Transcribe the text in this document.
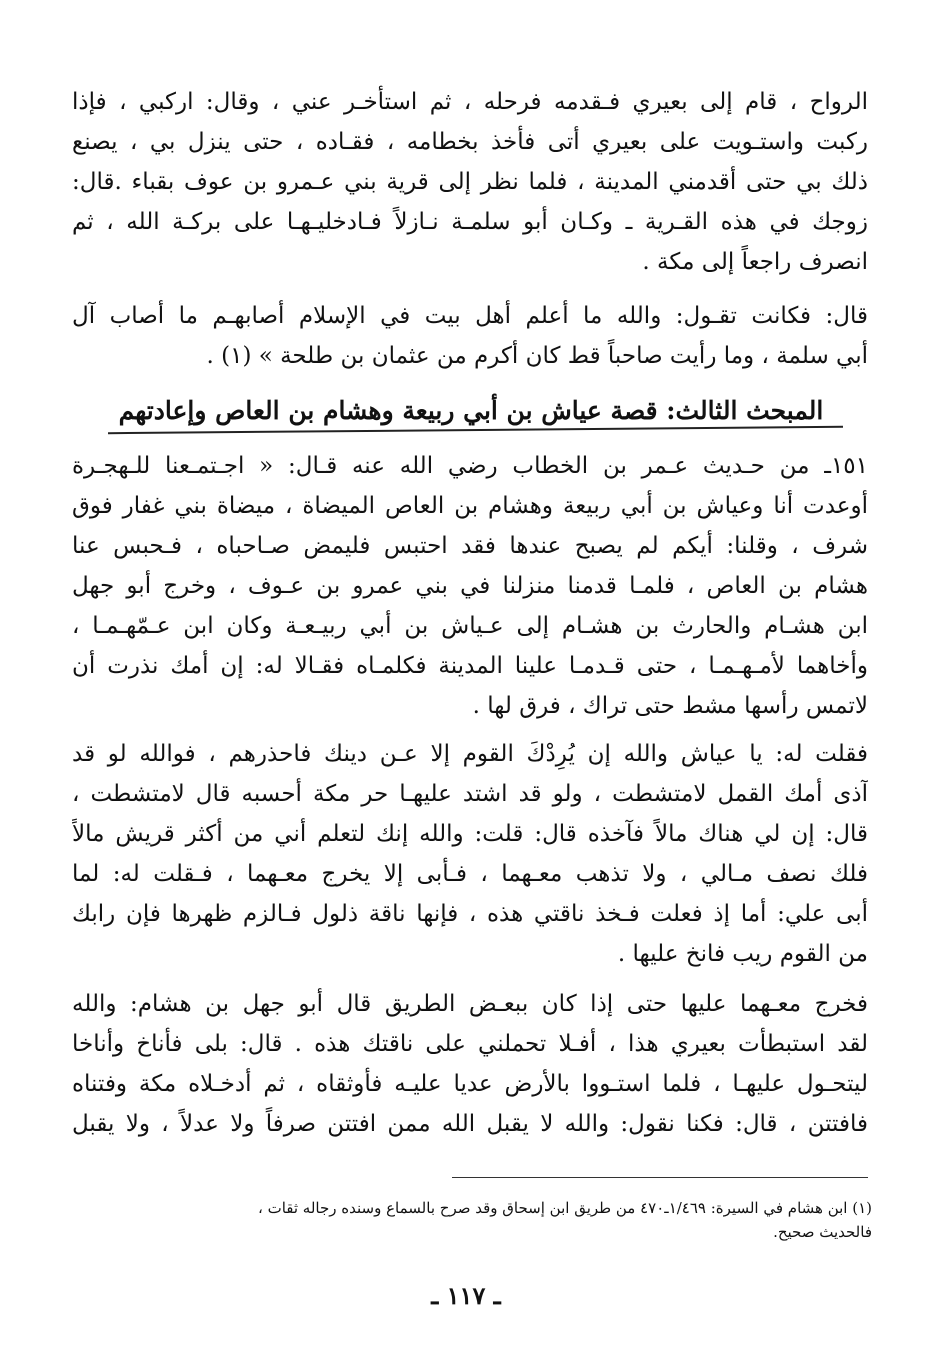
الرواح ، قام إلى بعيري فـقدمه فرحله ، ثم استأخـر عني ، وقال: اركبي ، فإذا
ركبت واستـويت على بعيري أتى فأخذ بخطامه ، فقـاده ، حتى ينزل بي ، يصنع
ذلك بي حتى أقدمني المدينة ، فلما نظر إلى قرية بني عـمرو بن عوف بقباء .قال:
زوجك في هذه القـرية ـ وكـان أبو سلمـة نـازلاً فـادخليـهـا على بركـة الله ، ثم
انصرف راجعاً إلى مكة .
قال: فكانت تقـول: والله ما أعلم أهل بيت في الإسلام أصابهـم ما أصاب آل
أبي سلمة ، وما رأيت صاحباً قط كان أكرم من عثمان بن طلحة » (١) .
المبحث الثالث: قصة عياش بن أبي ربيعة وهشام بن العاص وإعادتهم
١٥١ـ من حـديث عـمر بن الخطاب رضي الله عنه قـال: « اجـتمـعنا للـهجـرة
أوعدت أنا وعياش بن أبي ربيعة وهشام بن العاص الميضاة ، ميضاة بني غفار فوق
شرف ، وقلنا: أيكم لم يصبح عندها فقد احتبس فليمض صـاحباه ، فـحبس عنا
هشام بن العاص ، فلمـا قدمنا منزلنا في بني عمرو بن عـوف ، وخرج أبو جهل
ابن هشـام والحارث بن هشـام إلى عـياش بن أبي ربيـعـة وكان ابن عـمّهـمـا ،
وأخاهما لأمـهـمـا ، حتى قـدمـا علينا المدينة فكلمـاه فقـالا له: إن أمك نذرت أن
لاتمس رأسها مشط حتى تراك ، فرق لها .
فقلت له: يا عياش والله إن يُرِدْكَ القوم إلا عـن دينك فاحذرهم ، فوالله لو قد
آذى أمك القمل لامتشطت ، ولو قد اشتد عليهـا حر مكة أحسبه قال لامتشطت ،
قال: إن لي هناك مالاً فآخذه قال: قلت: والله إنك لتعلم أني من أكثر قريش مالاً
فلك نصف مـالي ، ولا تذهب معـهما ، فـأبى إلا يخرج معـهما ، فـقلت له: لما
أبى علي: أما إذ فعلت فـخذ ناقتي هذه ، فإنها ناقة ذلول فـالزم ظهرها فإن رابك
من القوم ريب فانخ عليها .
فخرج معـهما عليها حتى إذا كان ببعـض الطريق قال أبو جهل بن هشام: والله
لقد استبطأت بعيري هذا ، أفـلا تحملني على ناقتك هذه . قال: بلى فأناخ وأناخا
ليتحـول عليهـا ، فلما استـووا بالأرض عديا عليـه فأوثقاه ، ثم أدخـلاه مكة وفتناه
فافتتن ، قال: فكنا نقول: والله لا يقبل الله ممن افتتن صرفاً ولا عدلاً ، ولا يقبل
(١) ابن هشام في السيرة: ١/٤٦٩ـ٤٧٠ من طريق ابن إسحاق وقد صرح بالسماع وسنده رجاله ثقات ،
فالحديث صحيح.
ـ ١١٧ ـ
